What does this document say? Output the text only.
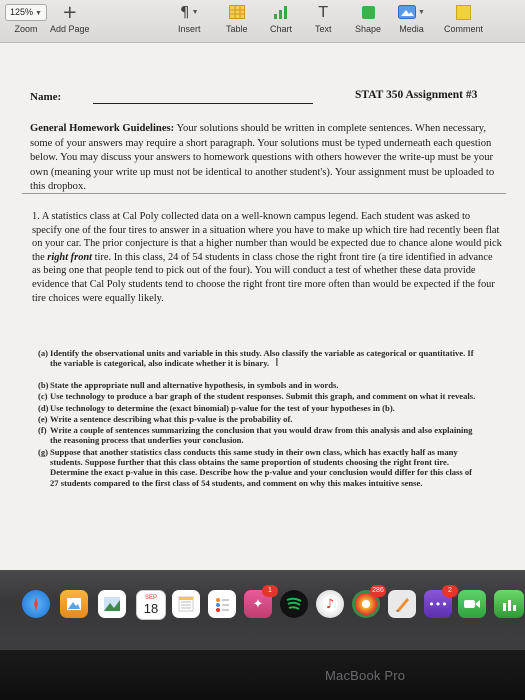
125% ▼
Zoom
+
Add Page
¶ ▼
Insert	Table Chart
T
Text	Shape
▼
Media Comment
Name:	STAT 350 Assignment #3
General Homework Guidelines: Your solutions should be written in complete sentences. When necessary, some of your answers may require a short paragraph. Your solutions must be typed underneath each question below. You may discuss your answers to homework questions with others however the write-up must be your own (meaning your write up must not be identical to another student's). Your assignment must be uploaded to this dropbox.
1. A statistics class at Cal Poly collected data on a well-known campus legend. Each student was asked to specify one of the four tires to answer in a situation where you have to make up which tire had recently been flat on your car. The prior conjecture is that a higher number than would be expected due to chance alone would pick the right front tire. In this class, 24 of 54 students in class chose the right front tire (a tire identified in advance as being one that people tend to pick out of the four). You will conduct a test of whether these data provide evidence that Cal Poly students tend to choose the right front tire more often than would be expected if the four tire choices were equally likely.
(a) Identify the observational units and variable in this study. Also classify the variable as categorical or quantitative. If the variable is categorical, also indicate whether it is binary. I
(b) State the appropriate null and alternative hypothesis, in symbols and in words.
(c) Use technology to produce a bar graph of the student responses. Submit this graph, and comment on what it reveals.
(d) Use technology to determine the (exact binomial) p-value for the test of your hypotheses in (b).
(e) Write a sentence describing what this p-value is the probability of.
(f) Write a couple of sentences summarizing the conclusion that you would draw from this analysis and also explaining the reasoning process that underlies your conclusion.
(g) Suppose that another statistics class conducts this same study in their own class, which has exactly half as many students. Suppose further that this class obtains the same proportion of students choosing the right front tire. Determine the exact p-value in this case. Describe how the p-value and your conclusion would differ for this class of 27 students compared to the first class of 54 students, and comment on why this makes intuitive sense.
SEP
18	✦
1
♪
286
•••
2
MacBook Pro
